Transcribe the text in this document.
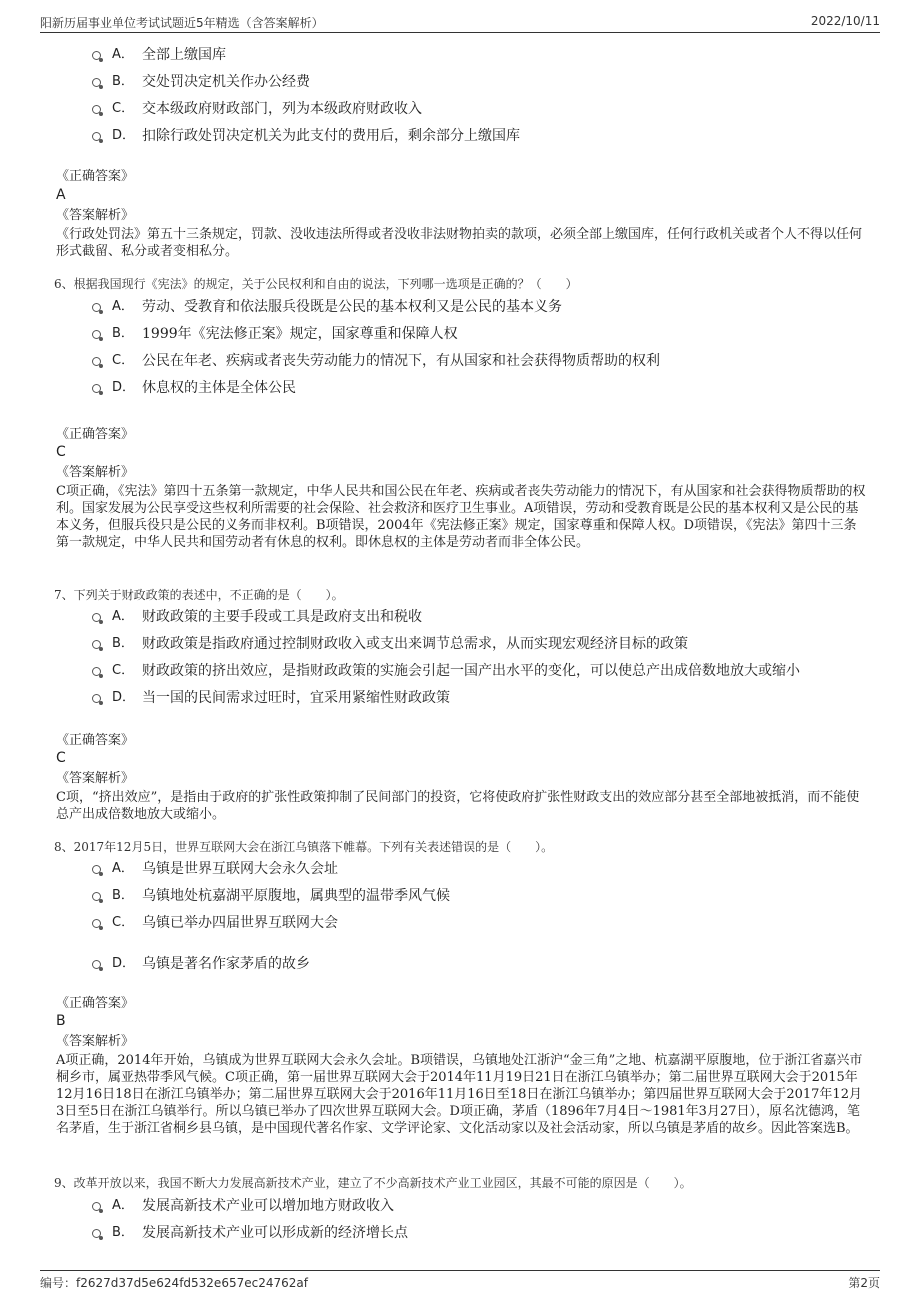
阳新历届事业单位考试试题近5年精选（含答案解析）	2022/10/11
A． 全部上缴国库
B． 交处罚决定机关作办公经费
C． 交本级政府财政部门，列为本级政府财政收入
D． 扣除行政处罚决定机关为此支付的费用后，剩余部分上缴国库
《正确答案》
A
《答案解析》
《行政处罚法》第五十三条规定，罚款、没收违法所得或者没收非法财物拍卖的款项，必须全部上缴国库，任何行政机关或者个人不得以任何形式截留、私分或者变相私分。
6、根据我国现行《宪法》的规定，关于公民权利和自由的说法，下列哪一选项是正确的？（　　）
A． 劳动、受教育和依法服兵役既是公民的基本权利又是公民的基本义务
B． 1999年《宪法修正案》规定，国家尊重和保障人权
C． 公民在年老、疾病或者丧失劳动能力的情况下，有从国家和社会获得物质帮助的权利
D． 休息权的主体是全体公民
《正确答案》
C
《答案解析》
C项正确，《宪法》第四十五条第一款规定，中华人民共和国公民在年老、疾病或者丧失劳动能力的情况下，有从国家和社会获得物质帮助的权利。国家发展为公民享受这些权利所需要的社会保险、社会救济和医疗卫生事业。A项错误，劳动和受教育既是公民的基本权利又是公民的基本义务，但服兵役只是公民的义务而非权利。B项错误，2004年《宪法修正案》规定，国家尊重和保障人权。D项错误，《宪法》第四十三条第一款规定，中华人民共和国劳动者有休息的权利。即休息权的主体是劳动者而非全体公民。
7、下列关于财政政策的表述中，不正确的是（　　）。
A． 财政政策的主要手段或工具是政府支出和税收
B． 财政政策是指政府通过控制财政收入或支出来调节总需求，从而实现宏观经济目标的政策
C． 财政政策的挤出效应，是指财政政策的实施会引起一国产出水平的变化，可以使总产出成倍数地放大或缩小
D． 当一国的民间需求过旺时，宜采用紧缩性财政政策
《正确答案》
C
《答案解析》
C项，“挤出效应”，是指由于政府的扩张性政策抑制了民间部门的投资，它将使政府扩张性财政支出的效应部分甚至全部地被抵消，而不能使总产出成倍数地放大或缩小。
8、2017年12月5日，世界互联网大会在浙江乌镇落下帷幕。下列有关表述错误的是（　　）。
A． 乌镇是世界互联网大会永久会址
B． 乌镇地处杭嘉湖平原腹地，属典型的温带季风气候
C． 乌镇已举办四届世界互联网大会
D． 乌镇是著名作家茅盾的故乡
《正确答案》
B
《答案解析》
A项正确，2014年开始，乌镇成为世界互联网大会永久会址。B项错误，乌镇地处江浙沪“金三角”之地、杭嘉湖平原腹地，位于浙江省嘉兴市桐乡市，属亚热带季风气候。C项正确，第一届世界互联网大会于2014年11月19日21日在浙江乌镇举办；第二届世界互联网大会于2015年12月16日18日在浙江乌镇举办；第二届世界互联网大会于2016年11月16日至18日在浙江乌镇举办；第四届世界互联网大会于2017年12月3日至5日在浙江乌镇举行。所以乌镇已举办了四次世界互联网大会。D项正确，茅盾（1896年7月4日～1981年3月27日），原名沈德鸿，笔名茅盾，生于浙江省桐乡县乌镇，是中国现代著名作家、文学评论家、文化活动家以及社会活动家，所以乌镇是茅盾的故乡。因此答案选B。
9、改革开放以来，我国不断大力发展高新技术产业，建立了不少高新技术产业工业园区，其最不可能的原因是（　　）。
A． 发展高新技术产业可以增加地方财政收入
B． 发展高新技术产业可以形成新的经济增长点
编号：f2627d37d5e624fd532e657ec24762af	第2页
